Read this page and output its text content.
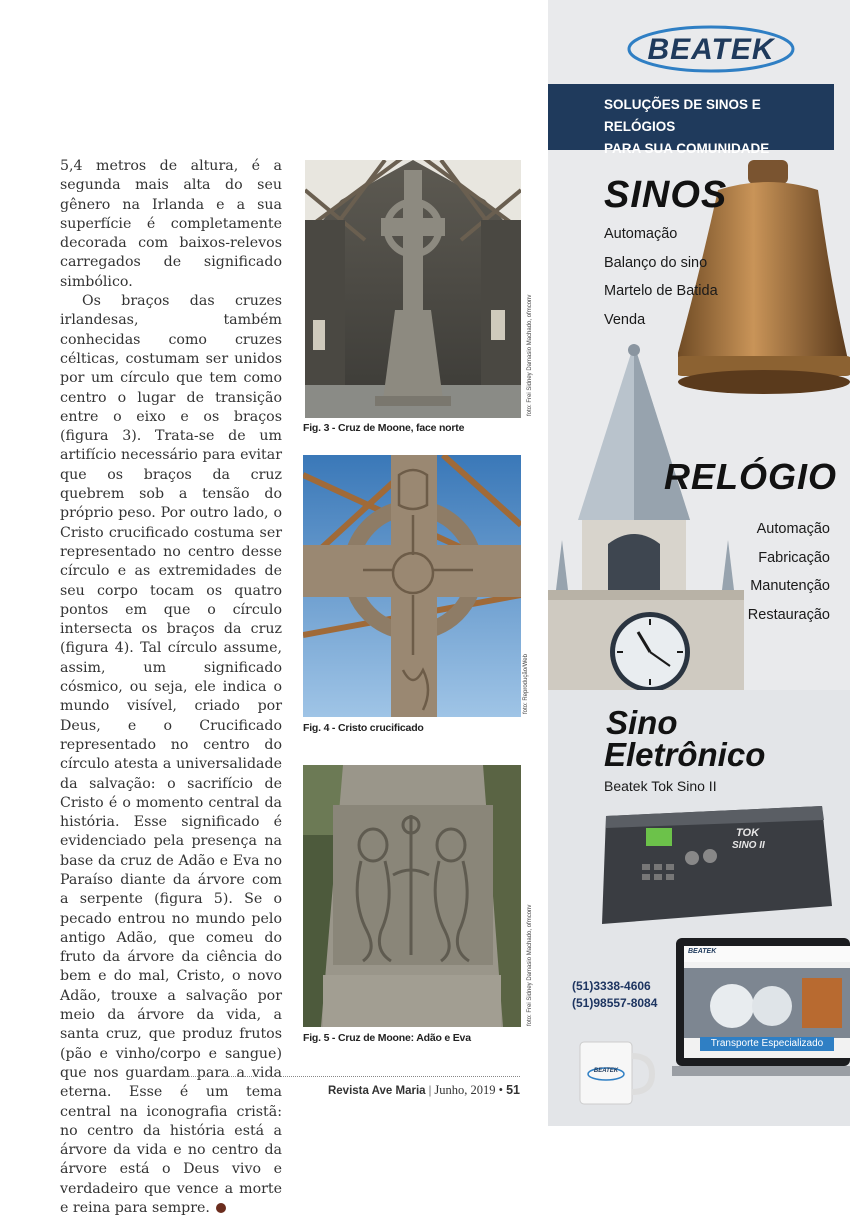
5,4 metros de altura, é a segunda mais alta do seu gênero na Irlanda e a sua superfície é completamente decorada com baixos-relevos carregados de significado simbólico.

Os braços das cruzes irlandesas, também conhecidas como cruzes célticas, costumam ser unidos por um círculo que tem como centro o lugar de transição entre o eixo e os braços (figura 3). Trata-se de um artifício necessário para evitar que os braços da cruz quebrem sob a tensão do próprio peso. Por outro lado, o Cristo crucificado costuma ser representado no centro desse círculo e as extremidades de seu corpo tocam os quatro pontos em que o círculo intersecta os braços da cruz (figura 4). Tal círculo assume, assim, um significado cósmico, ou seja, ele indica o mundo visível, criado por Deus, e o Crucificado representado no centro do círculo atesta a universalidade da salvação: o sacrifício de Cristo é o momento central da história. Esse significado é evidenciado pela presença na base da cruz de Adão e Eva no Paraíso diante da árvore com a serpente (figura 5). Se o pecado entrou no mundo pelo antigo Adão, que comeu do fruto da árvore da ciência do bem e do mal, Cristo, o novo Adão, trouxe a salvação por meio da árvore da vida, a santa cruz, que produz frutos (pão e vinho/corpo e sangue) que nos guardam para a vida eterna. Esse é um tema central na iconografia cristã: no centro da história está a árvore da vida e no centro da árvore está o Deus vivo e verdadeiro que vence a morte e reina para sempre.

Fig. 3 - Cruz de Moone, face norte
foto: Frei Sidney Damasio Machado, ofmconv
Fig. 4 - Cristo crucificado
foto: Reprodução/Web
Fig. 5 - Cruz de Moone: Adão e Eva
foto: Frei Sidney Damasio Machado, ofmconv
Revista Ave Maria | Junho, 2019 • 51
BEATEK
SOLUÇÕES DE SINOS E RELÓGIOS
PARA SUA COMUNIDADE
SINOS
Automação
Balanço do sino
Martelo de Batida
Venda
RELÓGIO
Automação
Fabricação
Manutenção
Restauração
Sino
Eletrônico
Beatek Tok Sino II
TOK
SINO II
(51)3338-4606
(51)98557-8084
BEATEK
Transporte Especializado
BEATEK
